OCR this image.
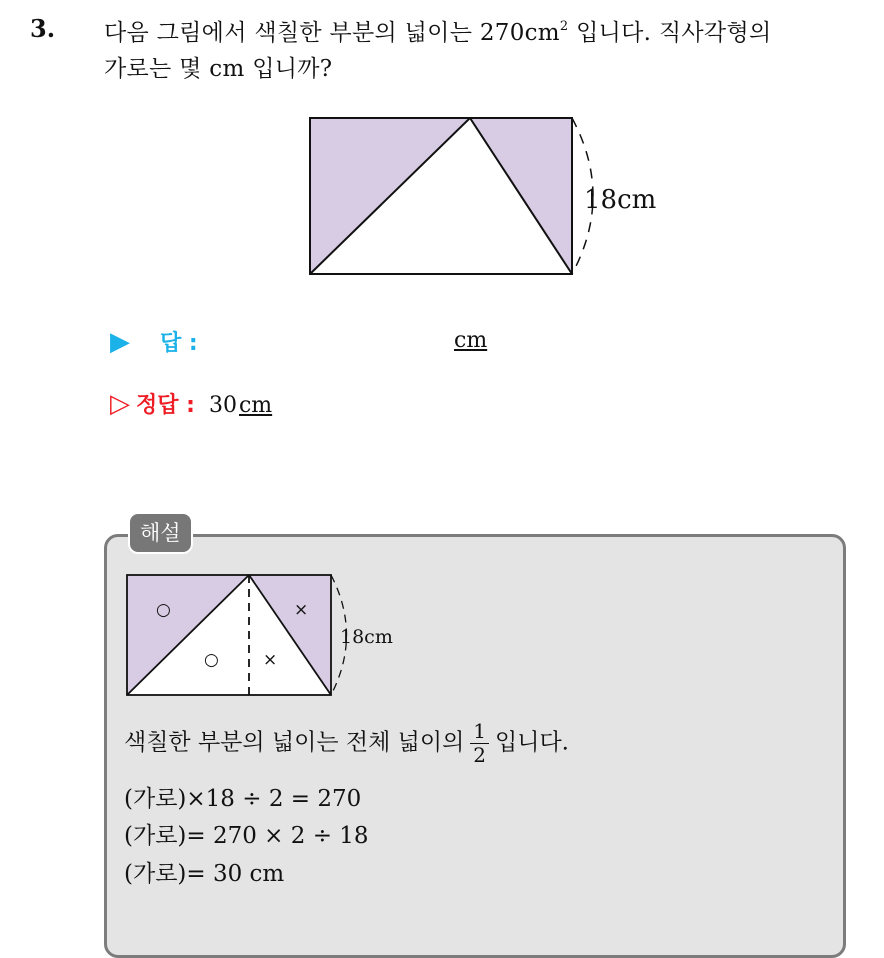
3. 다음 그림에서 색칠한 부분의 넓이는 $270cm^2$ 입니다. 직사각형의
가로는 몇 cm 입니까?
18cm
▶ 답 :	cm
▷ 정답 : 30cm
해설
18cm
○
○
×
×
색칠한 부분의 넓이는 전체 넓이의 $\frac{1}{2}$ 입니다.
(가로)×18 ÷ 2 = 270
(가로)= 270 × 2 ÷ 18
(가로)= 30 cm
